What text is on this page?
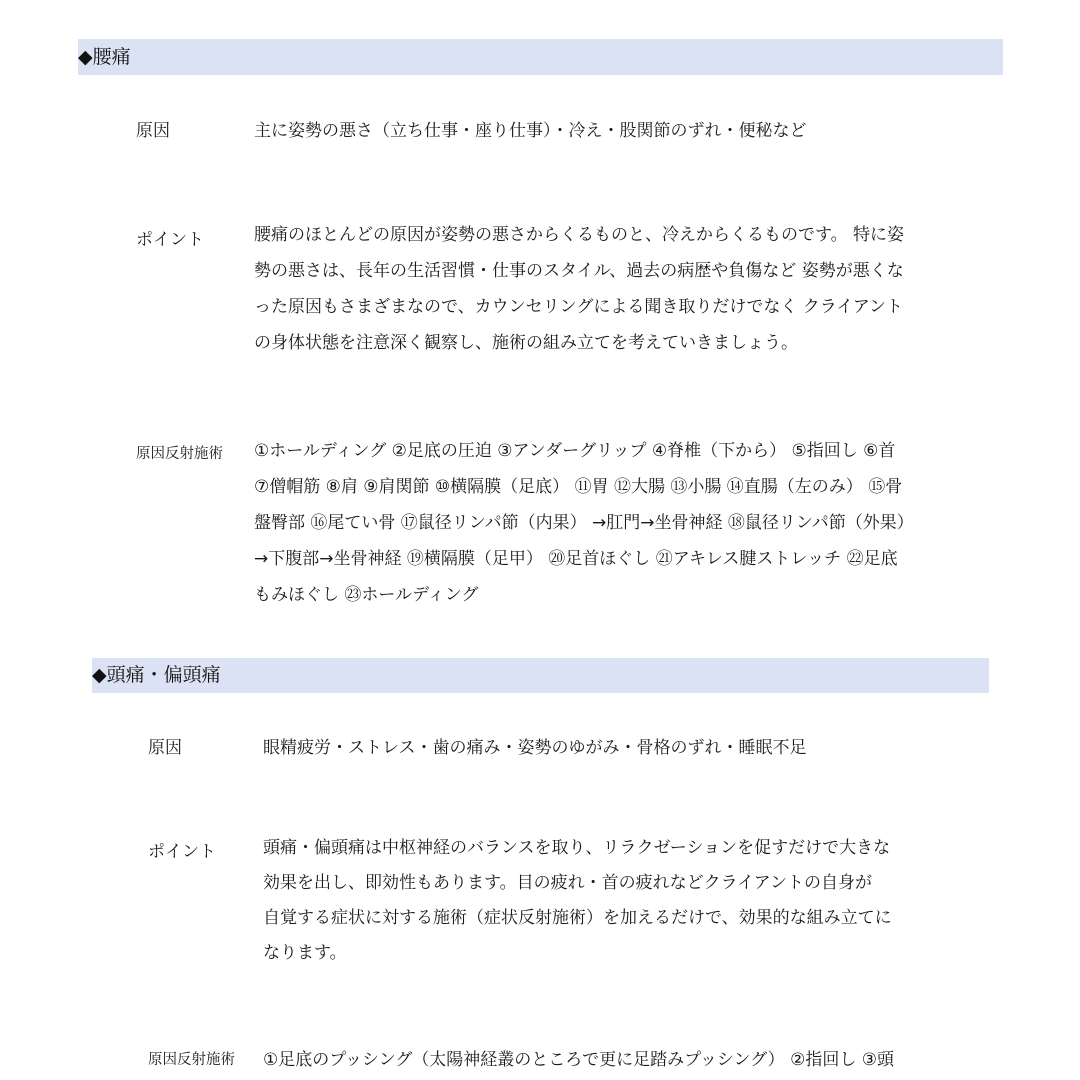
◆腰痛
原因	主に姿勢の悪さ（立ち仕事・座り仕事）・冷え・股関節のずれ・便秘など
ポイント	腰痛のほとんどの原因が姿勢の悪さからくるものと、冷えからくるものです。 特に姿
勢の悪さは、長年の生活習慣・仕事のスタイル、過去の病歴や負傷など 姿勢が悪くな
った原因もさまざまなので、カウンセリングによる聞き取りだけでなく クライアント
の身体状態を注意深く観察し、施術の組み立てを考えていきましょう。
原因反射施術 ①ホールディング ②足底の圧迫 ③アンダーグリップ ④脊椎（下から） ⑤指回し ⑥首
⑦僧帽筋 ⑧肩 ⑨肩関節 ⑩横隔膜（足底） ⑪胃 ⑫大腸 ⑬小腸 ⑭直腸（左のみ） ⑮骨
盤臀部 ⑯尾てい骨 ⑰鼠径リンパ節（内果） →肛門→坐骨神経 ⑱鼠径リンパ節（外果）
→下腹部→坐骨神経 ⑲横隔膜（足甲） ⑳足首ほぐし ㉑アキレス腱ストレッチ ㉒足底
もみほぐし ㉓ホールディング
◆頭痛・偏頭痛
原因	眼精疲労・ストレス・歯の痛み・姿勢のゆがみ・骨格のずれ・睡眠不足
ポイント	頭痛・偏頭痛は中枢神経のバランスを取り、リラクゼーションを促すだけで大きな
効果を出し、即効性もあります。目の疲れ・首の疲れなどクライアントの自身が
自覚する症状に対する施術（症状反射施術）を加えるだけで、効果的な組み立てに
なります。
原因反射施術 ①足底のプッシング（太陽神経叢のところで更に足踏みプッシング） ②指回し ③頭
